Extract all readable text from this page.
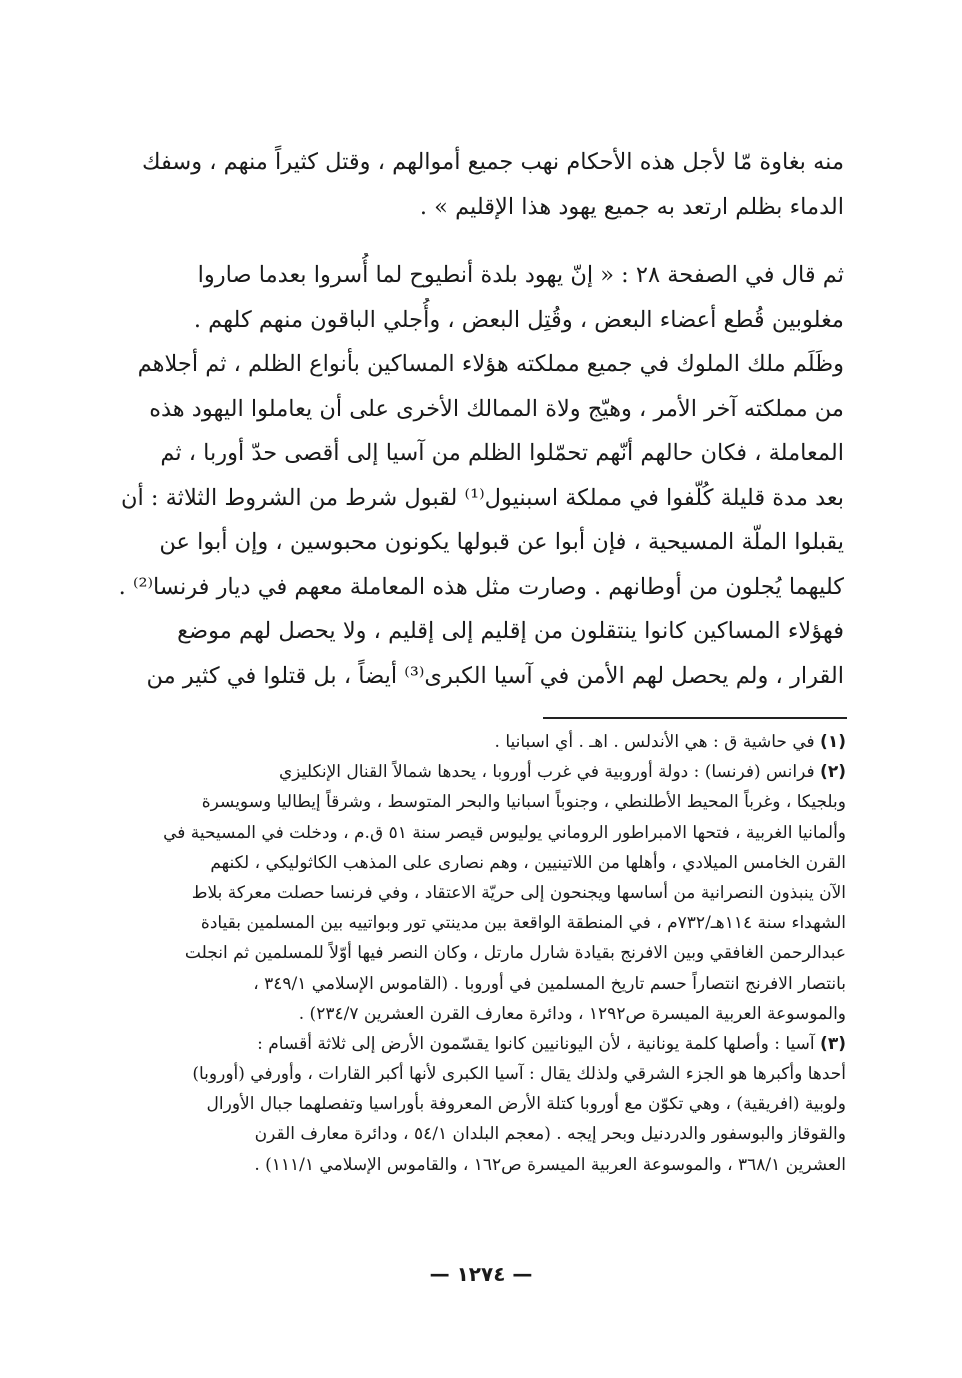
منه بغاوة مّا لأجل هذه الأحكام نهب جميع أموالهم ، وقتل كثيراً منهم ، وسفك
الدماء بظلم ارتعد به جميع يهود هذا الإقليم » .

ثم قال في الصفحة ٢٨ : « إنّ يهود بلدة أنطيوح لما أُسروا بعدما صاروا
مغلوبين قُطع أعضاء البعض ، وقُتِل البعض ، وأُجلي الباقون منهم كلهم .
وظَلَم ملك الملوك في جميع مملكته هؤلاء المساكين بأنواع الظلم ، ثم أجلاهم
من مملكته آخر الأمر ، وهيّج ولاة الممالك الأخرى على أن يعاملوا اليهود هذه
المعاملة ، فكان حالهم أنّهم تحمّلوا الظلم من آسيا إلى أقصى حدّ أوربا ، ثم
بعد مدة قليلة كُلّفوا في مملكة اسبنيول⁽¹⁾ لقبول شرط من الشروط الثلاثة : أن
يقبلوا الملّة المسيحية ، فإن أبوا عن قبولها يكونون محبوسين ، وإن أبوا عن
كليهما يُجلون من أوطانهم . وصارت مثل هذه المعاملة معهم في ديار فرنسا⁽²⁾ .
فهؤلاء المساكين كانوا ينتقلون من إقليم إلى إقليم ، ولا يحصل لهم موضع
القرار ، ولم يحصل لهم الأمن في آسيا الكبرى⁽³⁾ أيضاً ، بل قتلوا في كثير من

(١) في حاشية ق : هي الأندلس . اهـ . أي اسبانيا .
(٢) فرانس (فرنسا) : دولة أوروبية في غرب أوروبا ، يحدها شمالاً القنال الإنكليزي
وبلجيكا ، وغرباً المحيط الأطلنطي ، وجنوباً اسبانيا والبحر المتوسط ، وشرقاً إيطاليا وسويسرة
وألمانيا الغربية ، فتحها الامبراطور الروماني يوليوس قيصر سنة ٥١ ق.م ، ودخلت في المسيحية في
القرن الخامس الميلادي ، وأهلها من اللاتينيين ، وهم نصارى على المذهب الكاثوليكي ، لكنهم
الآن ينبذون النصرانية من أساسها ويجنحون إلى حريّة الاعتقاد ، وفي فرنسا حصلت معركة بلاط
الشهداء سنة ١١٤هـ/٧٣٢م ، في المنطقة الواقعة بين مدينتي تور وبواتييه بين المسلمين بقيادة
عبدالرحمن الغافقي وبين الافرنج بقيادة شارل مارتل ، وكان النصر فيها أوّلاً للمسلمين ثم انجلت
بانتصار الافرنج انتصاراً حسم تاريخ المسلمين في أوروبا . (القاموس الإسلامي ٣٤٩/١ ،
والموسوعة العربية الميسرة ص١٢٩٢ ، ودائرة معارف القرن العشرين ٢٣٤/٧) .
(٣) آسيا : وأصلها كلمة يونانية ، لأن اليونانيين كانوا يقسّمون الأرض إلى ثلاثة أقسام :
أحدها وأكبرها هو الجزء الشرقي ولذلك يقال : آسيا الكبرى لأنها أكبر القارات ، وأورفي (أوروبا)
ولوبية (افريقية) ، وهي تكوّن مع أوروبا كتلة الأرض المعروفة بأوراسيا وتفصلهما جبال الأورال
والقوقاز والبوسفور والدردنيل وبحر إيجه . (معجم البلدان ٥٤/١ ، ودائرة معارف القرن
العشرين ٣٦٨/١ ، والموسوعة العربية الميسرة ص١٦٢ ، والقاموس الإسلامي ١١١/١) .
— ١٢٧٤ —
